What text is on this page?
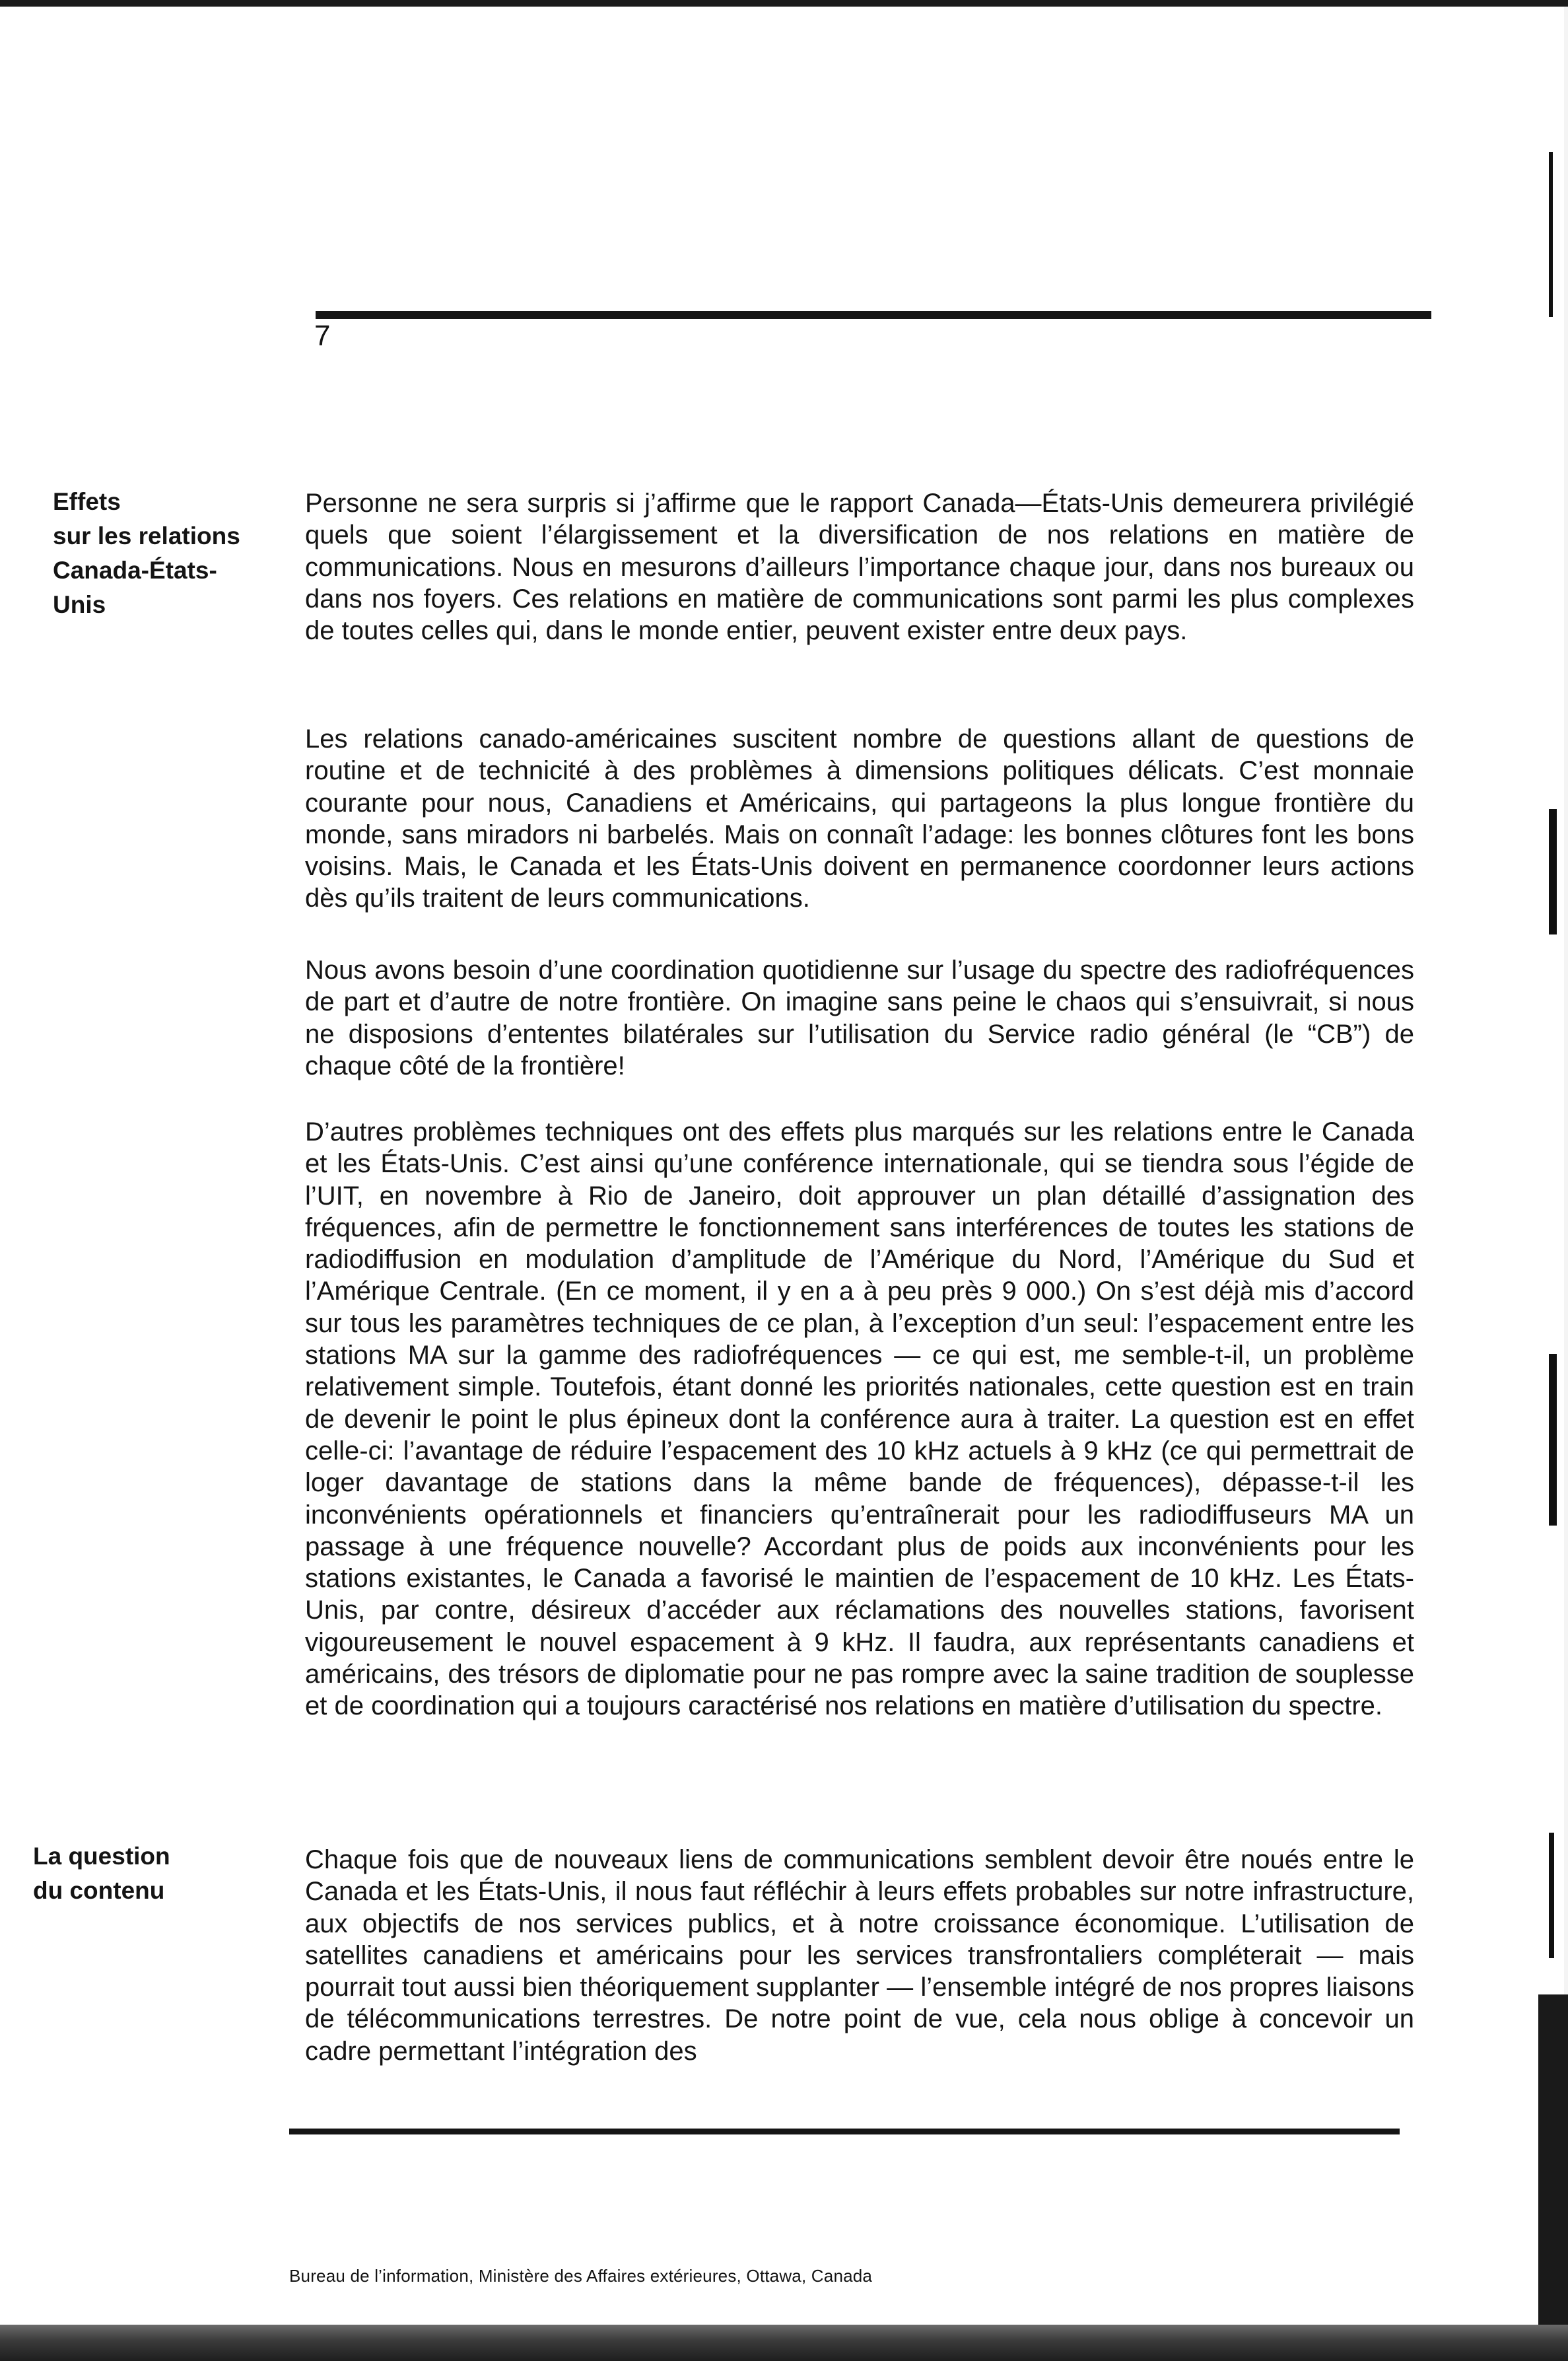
7
Effets
sur les relations
Canada-États-
Unis
La question
du contenu

Personne ne sera surpris si j’affirme que le rapport Canada—États-Unis demeurera privilégié quels que soient l’élargissement et la diversification de nos relations en matière de communications. Nous en mesurons d’ailleurs l’importance chaque jour, dans nos bureaux ou dans nos foyers. Ces relations en matière de communications sont parmi les plus complexes de toutes celles qui, dans le monde entier, peuvent exister entre deux pays.

Les relations canado-américaines suscitent nombre de questions allant de questions de routine et de technicité à des problèmes à dimensions politiques délicats. C’est monnaie courante pour nous, Canadiens et Américains, qui partageons la plus longue frontière du monde, sans miradors ni barbelés. Mais on connaît l’adage: les bonnes clôtures font les bons voisins. Mais, le Canada et les États-Unis doivent en permanence coordonner leurs actions dès qu’ils traitent de leurs communications.

Nous avons besoin d’une coordination quotidienne sur l’usage du spectre des radiofréquences de part et d’autre de notre frontière. On imagine sans peine le chaos qui s’ensuivrait, si nous ne disposions d’ententes bilatérales sur l’utilisation du Service radio général (le “CB”) de chaque côté de la frontière!

D’autres problèmes techniques ont des effets plus marqués sur les relations entre le Canada et les États-Unis. C’est ainsi qu’une conférence internationale, qui se tiendra sous l’égide de l’UIT, en novembre à Rio de Janeiro, doit approuver un plan détaillé d’assignation des fréquences, afin de permettre le fonctionnement sans interférences de toutes les stations de radiodiffusion en modulation d’amplitude de l’Amérique du Nord, l’Amérique du Sud et l’Amérique Centrale. (En ce moment, il y en a à peu près 9 000.) On s’est déjà mis d’accord sur tous les paramètres techniques de ce plan, à l’exception d’un seul: l’espacement entre les stations MA sur la gamme des radiofréquences — ce qui est, me semble-t-il, un problème relativement simple. Toutefois, étant donné les priorités nationales, cette question est en train de devenir le point le plus épineux dont la conférence aura à traiter. La question est en effet celle-ci: l’avantage de réduire l’espacement des 10 kHz actuels à 9 kHz (ce qui permettrait de loger davantage de stations dans la même bande de fréquences), dépasse-t-il les inconvénients opérationnels et financiers qu’entraînerait pour les radiodiffuseurs MA un passage à une fréquence nouvelle? Accordant plus de poids aux inconvénients pour les stations existantes, le Canada a favorisé le maintien de l’espacement de 10 kHz. Les États-Unis, par contre, désireux d’accéder aux réclamations des nouvelles stations, favorisent vigoureusement le nouvel espacement à 9 kHz. Il faudra, aux représentants canadiens et américains, des trésors de diplomatie pour ne pas rompre avec la saine tradition de souplesse et de coordination qui a toujours caractérisé nos relations en matière d’utilisation du spectre.

Chaque fois que de nouveaux liens de communications semblent devoir être noués entre le Canada et les États-Unis, il nous faut réfléchir à leurs effets probables sur notre infrastructure, aux objectifs de nos services publics, et à notre croissance économique. L’utilisation de satellites canadiens et américains pour les services transfrontaliers compléterait — mais pourrait tout aussi bien théoriquement supplanter — l’ensemble intégré de nos propres liaisons de télécommunications terrestres. De notre point de vue, cela nous oblige à concevoir un cadre permettant l’intégration des

Bureau de l’information, Ministère des Affaires extérieures, Ottawa, Canada
